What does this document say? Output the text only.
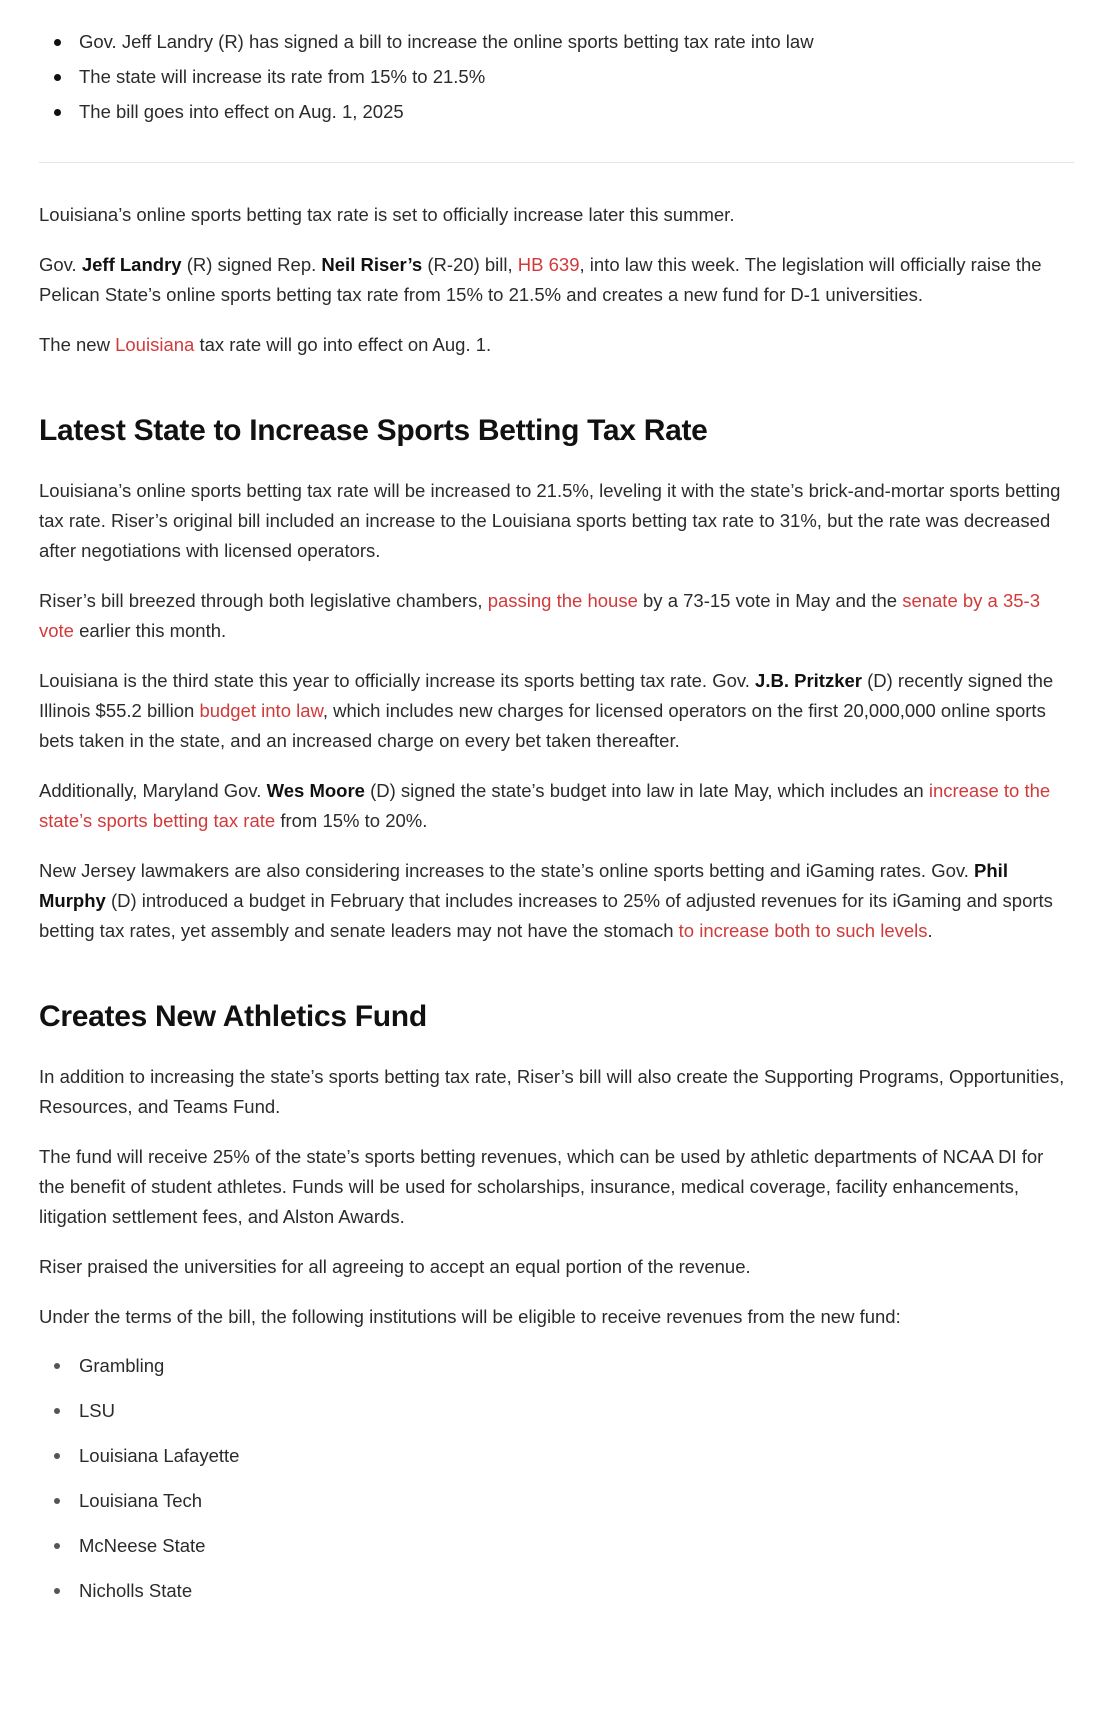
Gov. Jeff Landry (R) has signed a bill to increase the online sports betting tax rate into law
The state will increase its rate from 15% to 21.5%
The bill goes into effect on Aug. 1, 2025

Louisiana’s online sports betting tax rate is set to officially increase later this summer.

Gov. Jeff Landry (R) signed Rep. Neil Riser’s (R-20) bill, HB 639, into law this week. The legislation will officially raise the Pelican State’s online sports betting tax rate from 15% to 21.5% and creates a new fund for D-1 universities.

The new Louisiana tax rate will go into effect on Aug. 1.

Latest State to Increase Sports Betting Tax Rate

Louisiana’s online sports betting tax rate will be increased to 21.5%, leveling it with the state’s brick-and-mortar sports betting tax rate. Riser’s original bill included an increase to the Louisiana sports betting tax rate to 31%, but the rate was decreased after negotiations with licensed operators.

Riser’s bill breezed through both legislative chambers, passing the house by a 73-15 vote in May and the senate by a 35-3 vote earlier this month.

Louisiana is the third state this year to officially increase its sports betting tax rate. Gov. J.B. Pritzker (D) recently signed the Illinois $55.2 billion budget into law, which includes new charges for licensed operators on the first 20,000,000 online sports bets taken in the state, and an increased charge on every bet taken thereafter.

Additionally, Maryland Gov. Wes Moore (D) signed the state’s budget into law in late May, which includes an increase to the state’s sports betting tax rate from 15% to 20%.

New Jersey lawmakers are also considering increases to the state’s online sports betting and iGaming rates. Gov. Phil Murphy (D) introduced a budget in February that includes increases to 25% of adjusted revenues for its iGaming and sports betting tax rates, yet assembly and senate leaders may not have the stomach to increase both to such levels.

Creates New Athletics Fund

In addition to increasing the state’s sports betting tax rate, Riser’s bill will also create the Supporting Programs, Opportunities, Resources, and Teams Fund.

The fund will receive 25% of the state’s sports betting revenues, which can be used by athletic departments of NCAA DI for the benefit of student athletes. Funds will be used for scholarships, insurance, medical coverage, facility enhancements, litigation settlement fees, and Alston Awards.

Riser praised the universities for all agreeing to accept an equal portion of the revenue.

Under the terms of the bill, the following institutions will be eligible to receive revenues from the new fund:

Grambling
LSU
Louisiana Lafayette
Louisiana Tech
McNeese State
Nicholls State
